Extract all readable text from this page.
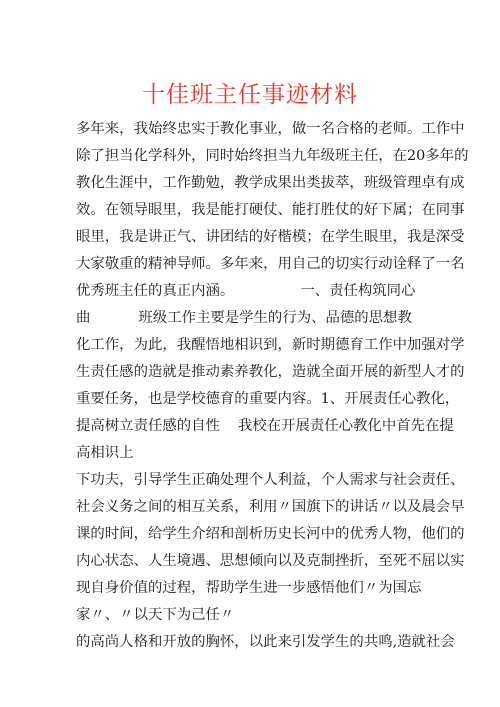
十佳班主任事迹材料
多年来，我始终忠实于教化事业，做一名合格的老师。工作中
除了担当化学科外，同时始终担当九年级班主任，在20多年的
教化生涯中，工作勤勉，教学成果出类拔萃，班级管理卓有成
效。在领导眼里，我是能打硬仗、能打胜仗的好下属；在同事
眼里，我是讲正气、讲团结的好楷模；在学生眼里，我是深受
大家敬重的精神导师。多年来，用自己的切实行动诠释了一名
优秀班主任的真正内涵。	一、责任构筑同心
曲	班级工作主要是学生的行为、品德的思想教
化工作，为此，我醒悟地相识到，新时期德育工作中加强对学
生责任感的造就是推动素养教化，造就全面开展的新型人才的
重要任务，也是学校德育的重要内容。1、开展责任心教化，
提高树立责任感的自性 我校在开展责任心教化中首先在提
高相识上
下功夫，引导学生正确处理个人利益，个人需求与社会责任、
社会义务之间的相互关系，利用〃国旗下的讲话〃以及晨会早
课的时间，给学生介绍和剖析历史长河中的优秀人物，他们的
内心状态、人生境遇、思想倾向以及克制挫折，至死不屈以实
现自身价值的过程，帮助学生进一步感悟他们〃为国忘
家〃、〃以天下为己任〃
的高尚人格和开放的胸怀，以此来引发学生的共鸣,造就社会
